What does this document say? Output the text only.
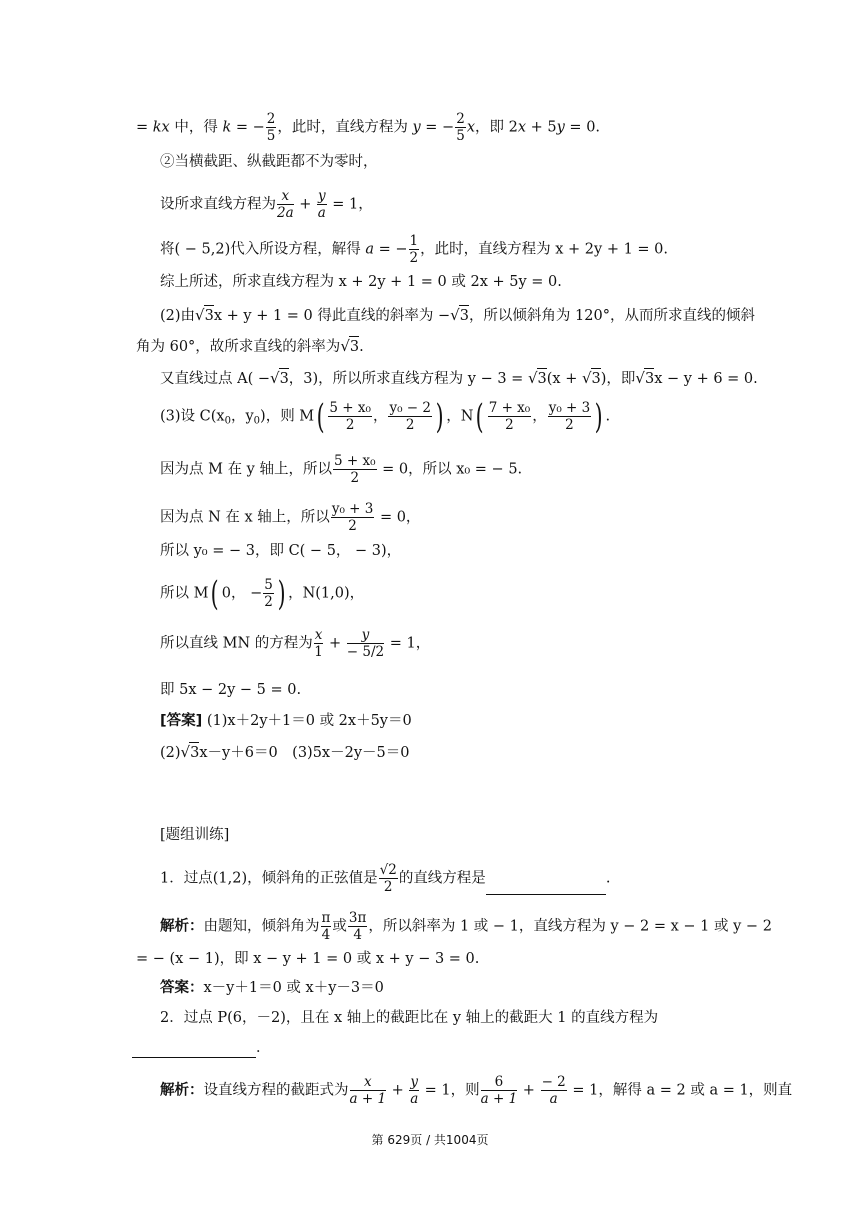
= kx 中，得 k = − $\frac{2}{5}$ ，此时，直线方程为 y = − $\frac{2}{5}$ x，即 2x + 5y = 0.
②当横截距、纵截距都不为零时，
设所求直线方程为 $\frac{x}{2a} + \frac{y}{a} = 1$，
将( − 5,2)代入所设方程，解得 a = − $\frac{1}{2}$ ，此时，直线方程为 x + 2y + 1 = 0.
综上所述，所求直线方程为 x + 2y + 1 = 0 或 2x + 5y = 0.
(2)由√3x + y + 1 = 0 得此直线的斜率为 −√3，所以倾斜角为 120°，从而所求直线的倾斜
角为 60°，故所求直线的斜率为√3.
又直线过点 A( −√3，3)，所以所求直线方程为 y − 3 = √3(x + √3)，即√3x − y + 6 = 0.
(3)设 $C(x_0$，$y_0$)，则 $M( \frac{\text{5 + x₀}}{2}$ ， $\frac{\text{y₀ − 2}}{2}$ ) ，$N( \frac{\text{7 + x₀}}{2}$ ， $\frac{\text{y₀ + 3}}{2}$ ) .
因为点 M 在 y 轴上，所以 $\frac{\text{5 + x₀}}{2} = 0$，所以 x₀ = − 5.
因为点 N 在 x 轴上，所以 $\frac{\text{y₀ + 3}}{2} = 0$，
所以 y₀ = − 3，即 C( − 5， − 3)，
所以 M( 0， − $\frac{5}{2}$ ) ，N(1,0)，
所以直线 MN 的方程为 $\frac{x}{1} + \frac{y}{- 5/2} = 1$，
即 5x − 2y − 5 = 0.
[答案] (1)x＋2y＋1＝0 或 2x＋5y＝0
(2)√3x－y＋6＝0　(3)5x－2y－5＝0
[题组训练]
1．过点(1,2)，倾斜角的正弦值是 $\frac{√2}{2}$ 的直线方程是	.
解析：由题知，倾斜角为 $\frac{\pi}{4}$ 或 $\frac{3\pi}{4}$ ，所以斜率为 1 或 − 1，直线方程为 y − 2 = x − 1 或 y − 2
= − (x − 1)，即 x − y + 1 = 0 或 x + y − 3 = 0.
答案：x－y＋1＝0 或 x＋y－3＝0
2．过点 P(6，－2)，且在 x 轴上的截距比在 y 轴上的截距大 1 的直线方程为
．
解析：设直线方程的截距式为 $\frac{x}{a + 1} + \frac{y}{a} = 1$，则 $\frac{6}{a + 1} + \frac{- 2}{a} = 1$，解得 a = 2 或 a = 1，则直
第 629页 / 共1004页
